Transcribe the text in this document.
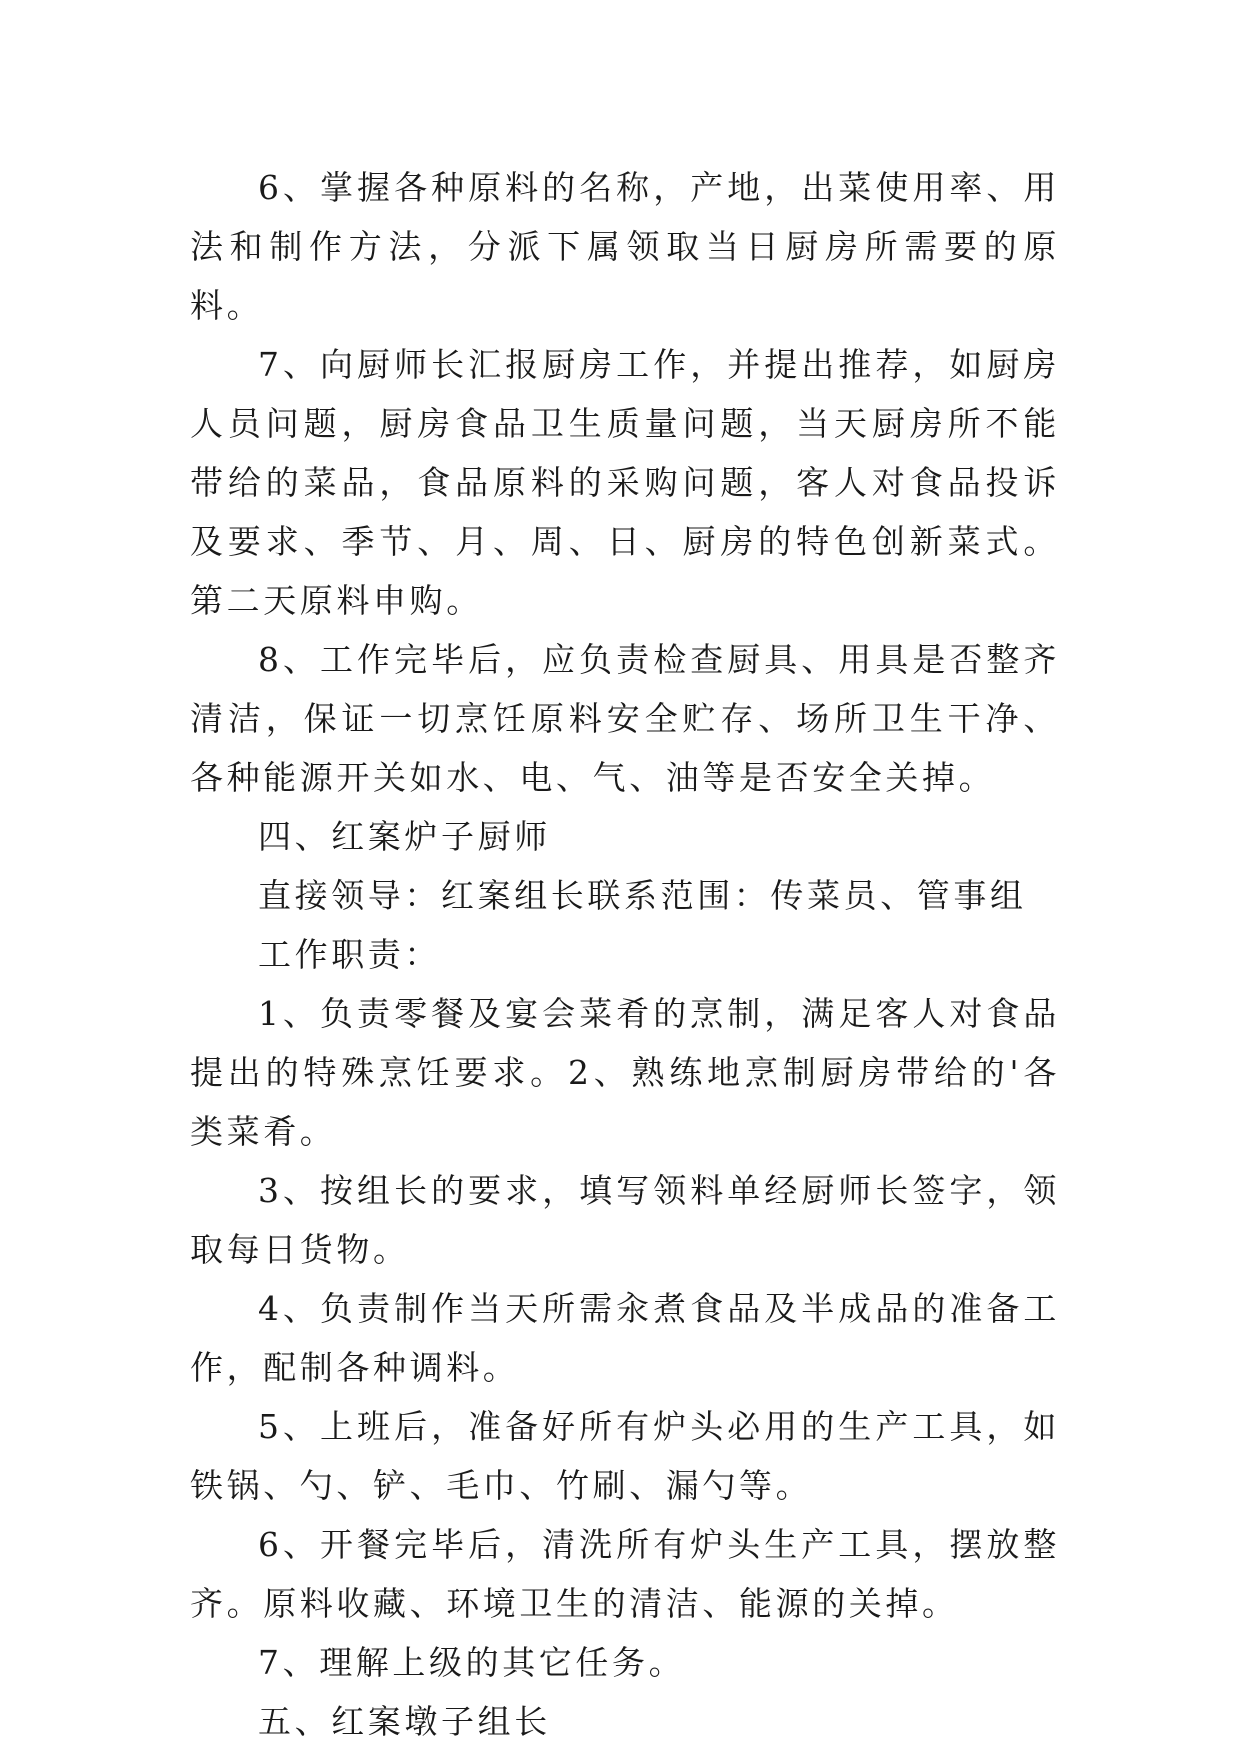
6、掌握各种原料的名称，产地，出菜使用率、用法和制作方法，分派下属领取当日厨房所需要的原料。

7、向厨师长汇报厨房工作，并提出推荐，如厨房人员问题，厨房食品卫生质量问题，当天厨房所不能带给的菜品，食品原料的采购问题，客人对食品投诉及要求、季节、月、周、日、厨房的特色创新菜式。第二天原料申购。

8、工作完毕后，应负责检查厨具、用具是否整齐清洁，保证一切烹饪原料安全贮存、场所卫生干净、各种能源开关如水、电、气、油等是否安全关掉。

四、红案炉子厨师

直接领导：红案组长联系范围：传菜员、管事组

工作职责：

1、负责零餐及宴会菜肴的烹制，满足客人对食品提出的特殊烹饪要求。2、熟练地烹制厨房带给的'各类菜肴。

3、按组长的要求，填写领料单经厨师长签字，领取每日货物。

4、负责制作当天所需汆煮食品及半成品的准备工作，配制各种调料。

5、上班后，准备好所有炉头必用的生产工具，如铁锅、勺、铲、毛巾、竹刷、漏勺等。

6、开餐完毕后，清洗所有炉头生产工具，摆放整齐。原料收藏、环境卫生的清洁、能源的关掉。

7、理解上级的其它任务。

五、红案墩子组长
